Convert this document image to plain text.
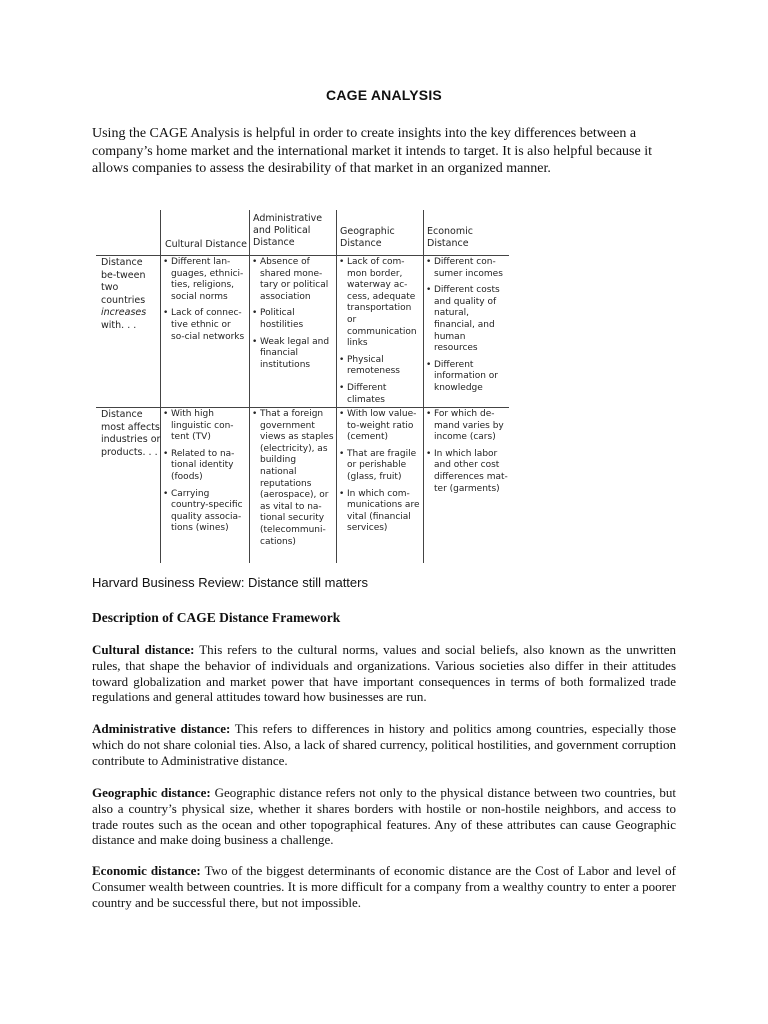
CAGE ANALYSIS
Using the CAGE Analysis is helpful in order to create insights into the key differences between a company’s home market and the international market it intends to target. It is also helpful because it allows companies to assess the desirability of that market in an organized manner.
Cultural Distance
Administrative and Political Distance
Geographic Distance
Economic Distance
Distance be-tween two countries increases with. . .
• Different lan-guages, ethnici-ties, religions, social norms
• Lack of connec-tive ethnic or so-cial networks
• Absence of shared mone-tary or political association
• Political hostilities
• Weak legal and financial institutions
• Lack of com-mon border, waterway ac-cess, adequate transportation or communication links
• Physical remoteness
• Different climates
• Different con-sumer incomes
• Different costs and quality of natural, financial, and human resources
• Different information or knowledge
Distance most affects industries or products. . .
• With high linguistic con-tent (TV)
• Related to na-tional identity (foods)
• Carrying country-specific quality associa-tions (wines)
• That a foreign government views as staples (electricity), as building national reputations (aerospace), or as vital to na-tional security (telecommuni-cations)
• With low value-to-weight ratio (cement)
• That are fragile or perishable (glass, fruit)
• In which com-munications are vital (financial services)
• For which de-mand varies by income (cars)
• In which labor and other cost differences mat-ter (garments)
Harvard Business Review: Distance still matters
Description of CAGE Distance Framework
Cultural distance: This refers to the cultural norms, values and social beliefs, also known as the unwritten rules, that shape the behavior of individuals and organizations. Various societies also differ in their attitudes toward globalization and market power that have important consequences in terms of both formalized trade regulations and general attitudes toward how businesses are run.
Administrative distance: This refers to differences in history and politics among countries, especially those which do not share colonial ties. Also, a lack of shared currency, political hostilities, and government corruption contribute to Administrative distance.
Geographic distance: Geographic distance refers not only to the physical distance between two countries, but also a country’s physical size, whether it shares borders with hostile or non-hostile neighbors, and access to trade routes such as the ocean and other topographical features. Any of these attributes can cause Geographic distance and make doing business a challenge.
Economic distance: Two of the biggest determinants of economic distance are the Cost of Labor and level of Consumer wealth between countries. It is more difficult for a company from a wealthy country to enter a poorer country and be successful there, but not impossible.
